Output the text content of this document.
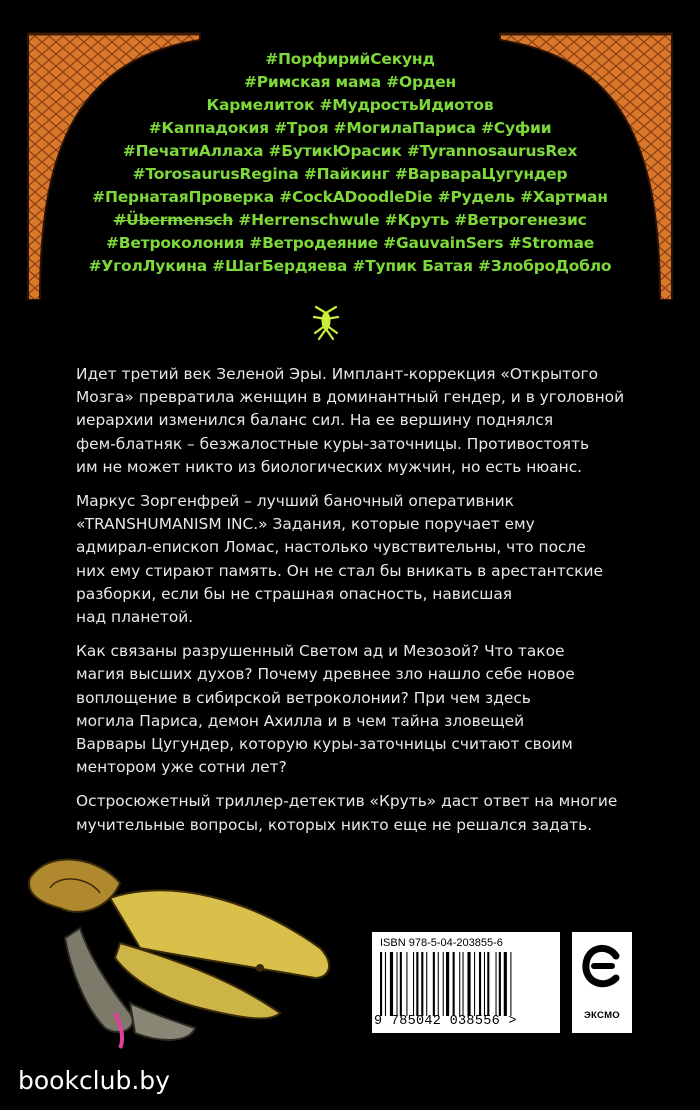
#ПорфирийСекунд
#Римская мама #Орден
Кармелиток #МудростьИдиотов
#Каппадокия #Троя #МогилаПариса #Суфии
#ПечатиАллаха #БутикЮрасик #TyrannosaurusRex
#TorosaurusRegina #Пайкинг #ВарвараЦугундер
#ПернатаяПроверка #CockADoodleDie #Рудель #Хартман
#Übermensch #Herrenschwule #Круть #Ветрогенезис
#Ветроколония #Ветродеяние #GauvainSers #Stromae
#УголЛукина #ШагБердяева #Тупик Батая #ЗлоброДобло

Идет третий век Зеленой Эры. Имплант-коррекция «Открытого
Мозга» превратила женщин в доминантный гендер, и в уголовной
иерархии изменился баланс сил. На ее вершину поднялся
фем-блатняк – безжалостные куры-заточницы. Противостоять
им не может никто из биологических мужчин, но есть нюанс.

Маркус Зоргенфрей – лучший баночный оперативник
«TRANSHUMANISM INC.» Задания, которые поручает ему
адмирал-епископ Ломас, настолько чувствительны, что после
них ему стирают память. Он не стал бы вникать в арестантские
разборки, если бы не страшная опасность, нависшая
над планетой.

Как связаны разрушенный Светом ад и Мезозой? Что такое
магия высших духов? Почему древнее зло нашло себе новое
воплощение в сибирской ветроколонии? При чем здесь
могила Париса, демон Ахилла и в чем тайна зловещей
Варвары Цугундер, которую куры-заточницы считают своим
ментором уже сотни лет?

Остросюжетный триллер-детектив «Круть» даст ответ на многие
мучительные вопросы, которых никто еще не решался задать.

ISBN 978-5-04-203855-6
9 785042 038556 >	ЭКСМО
bookclub.by
